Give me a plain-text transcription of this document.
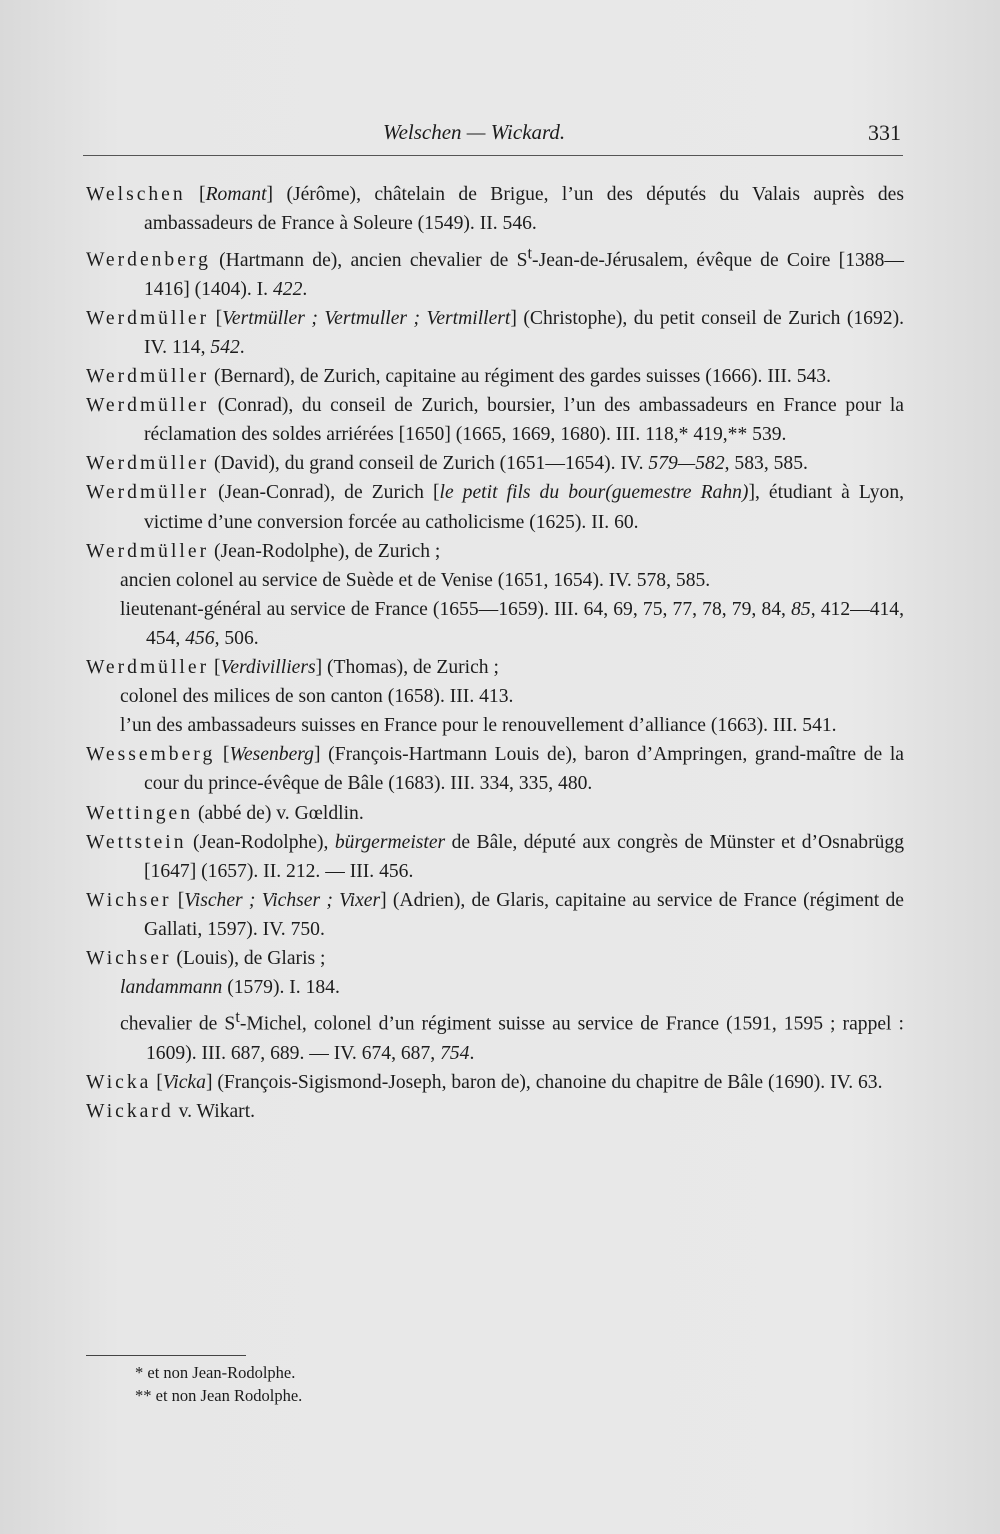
Welschen — Wickard.	331

Welschen [Romant] (Jérôme), châtelain de Brigue, l’un des députés du Valais auprès des ambassadeurs de France à Soleure (1549). II. 546.

Werdenberg (Hartmann de), ancien chevalier de $S^t-Jean-de$-Jérusalem, évêque de Coire [1388—1416] (1404). I. 422.

Werdmüller [Vertmüller ; Vertmuller ; Vertmillert] (Christophe), du petit conseil de Zurich (1692). IV. 114, 542.

Werdmüller (Bernard), de Zurich, capitaine au régiment des gardes suisses (1666). III. 543.

Werdmüller (Conrad), du conseil de Zurich, boursier, l’un des ambassadeurs en France pour la réclamation des soldes arriérées [1650] (1665, 1669, 1680). III. 118,* 419,** 539.

Werdmüller (David), du grand conseil de Zurich (1651—1654). IV. 579—582, 583, 585.

Werdmüller (Jean-Conrad), de Zurich [le petit fils du bour(guemestre Rahn)], étudiant à Lyon, victime d’une conversion forcée au catholicisme (1625). II. 60.

Werdmüller (Jean-Rodolphe), de Zurich ;

ancien colonel au service de Suède et de Venise (1651, 1654). IV. 578, 585.

lieutenant-général au service de France (1655—1659). III. 64, 69, 75, 77, 78, 79, 84, 85, 412—414, 454, 456, 506.

Werdmüller [Verdivilliers] (Thomas), de Zurich ;

colonel des milices de son canton (1658). III. 413.

l’un des ambassadeurs suisses en France pour le renouvellement d’alliance (1663). III. 541.

Wessemberg [Wesenberg] (François-Hartmann Louis de), baron d’Ampringen, grand-maître de la cour du prince-évêque de Bâle (1683). III. 334, 335, 480.

Wettingen (abbé de) v. Gœldlin.

Wettstein (Jean-Rodolphe), bürgermeister de Bâle, député aux congrès de Münster et d’Osnabrügg [1647] (1657). II. 212. — III. 456.

Wichser [Vischer ; Vichser ; Vixer] (Adrien), de Glaris, capitaine au service de France (régiment de Gallati, 1597). IV. 750.

Wichser (Louis), de Glaris ;

landammann (1579). I. 184.

chevalier de $S^t$-Michel, colonel d’un régiment suisse au service de France (1591, 1595 ; rappel : 1609). III. 687, 689. — IV. 674, 687, 754.

Wicka [Vicka] (François-Sigismond-Joseph, baron de), chanoine du chapitre de Bâle (1690). IV. 63.

Wickard v. Wikart.

* et non Jean-Rodolphe.

** et non Jean Rodolphe.
